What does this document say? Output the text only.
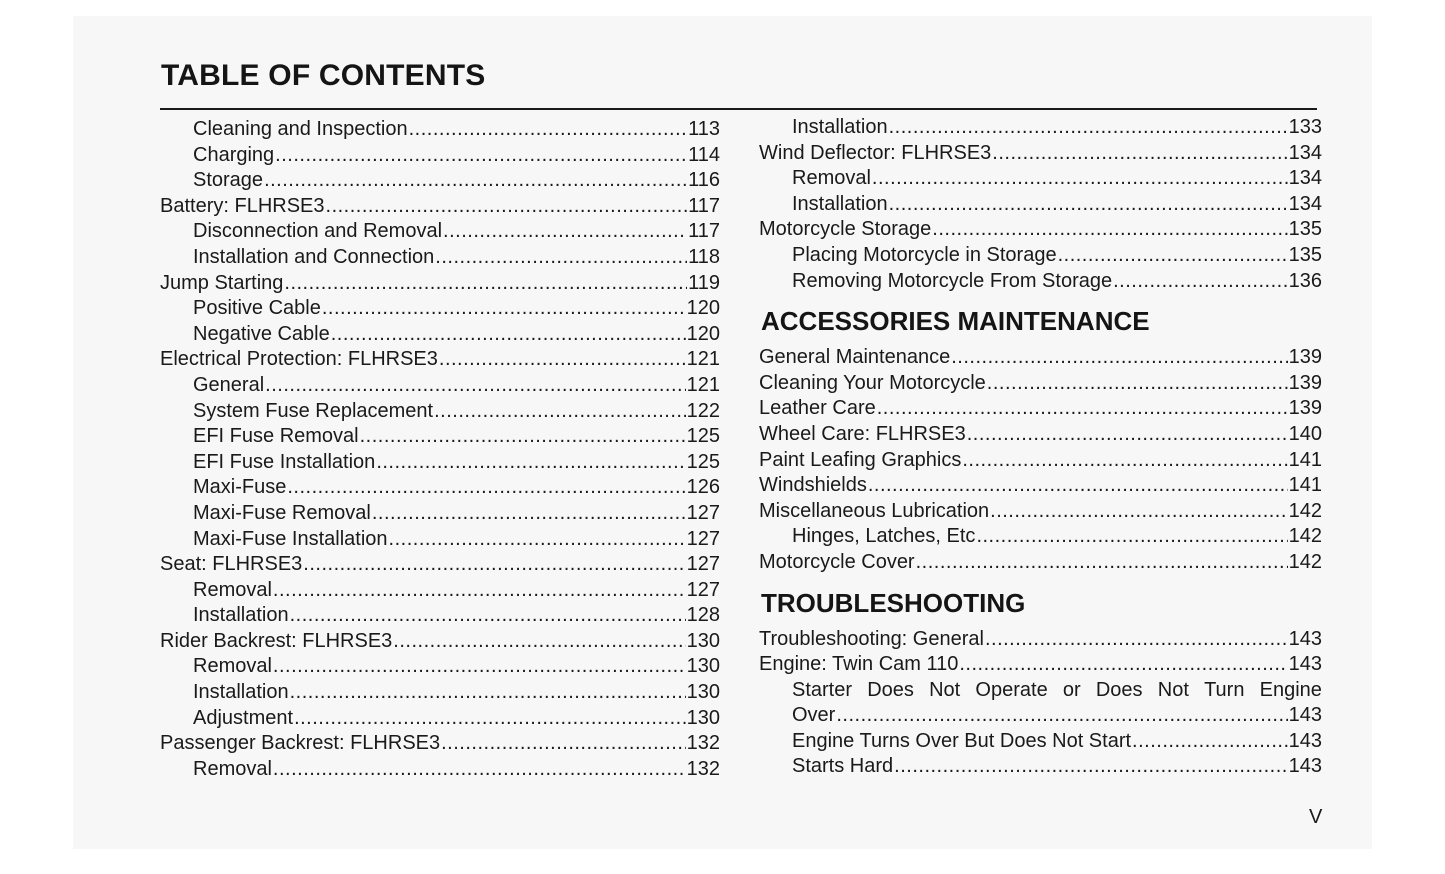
TABLE OF CONTENTS
Cleaning and Inspection .....	113
Charging .....	114
Storage .....	116
Battery: FLHRSE3 .....	117
Disconnection and Removal .....	117
Installation and Connection .....	118
Jump Starting .....	119
Positive Cable .....	120
Negative Cable .....	120
Electrical Protection: FLHRSE3 .....	121
General .....	121
System Fuse Replacement .....	122
EFI Fuse Removal .....	125
EFI Fuse Installation .....	125
Maxi-Fuse .....	126
Maxi-Fuse Removal .....	127
Maxi-Fuse Installation .....	127
Seat: FLHRSE3 .....	127
Removal .....	127
Installation .....	128
Rider Backrest: FLHRSE3 .....	130
Removal .....	130
Installation .....	130
Adjustment .....	130
Passenger Backrest: FLHRSE3 .....	132
Removal .....	132
Installation .....	133
Wind Deflector: FLHRSE3 .....	134
Removal .....	134
Installation .....	134
Motorcycle Storage .....	135
Placing Motorcycle in Storage .....	135
Removing Motorcycle From Storage .....	136
ACCESSORIES MAINTENANCE
General Maintenance .....	139
Cleaning Your Motorcycle .....	139
Leather Care .....	139
Wheel Care: FLHRSE3 .....	140
Paint Leafing Graphics .....	141
Windshields .....	141
Miscellaneous Lubrication .....	142
Hinges, Latches, Etc .....	142
Motorcycle Cover .....	142
TROUBLESHOOTING
Troubleshooting: General .....	143
Engine: Twin Cam 110 .....	143
Starter Does Not Operate or Does Not Turn Engine
Over .....	143
Engine Turns Over But Does Not Start .....	143
Starts Hard .....	143
V
